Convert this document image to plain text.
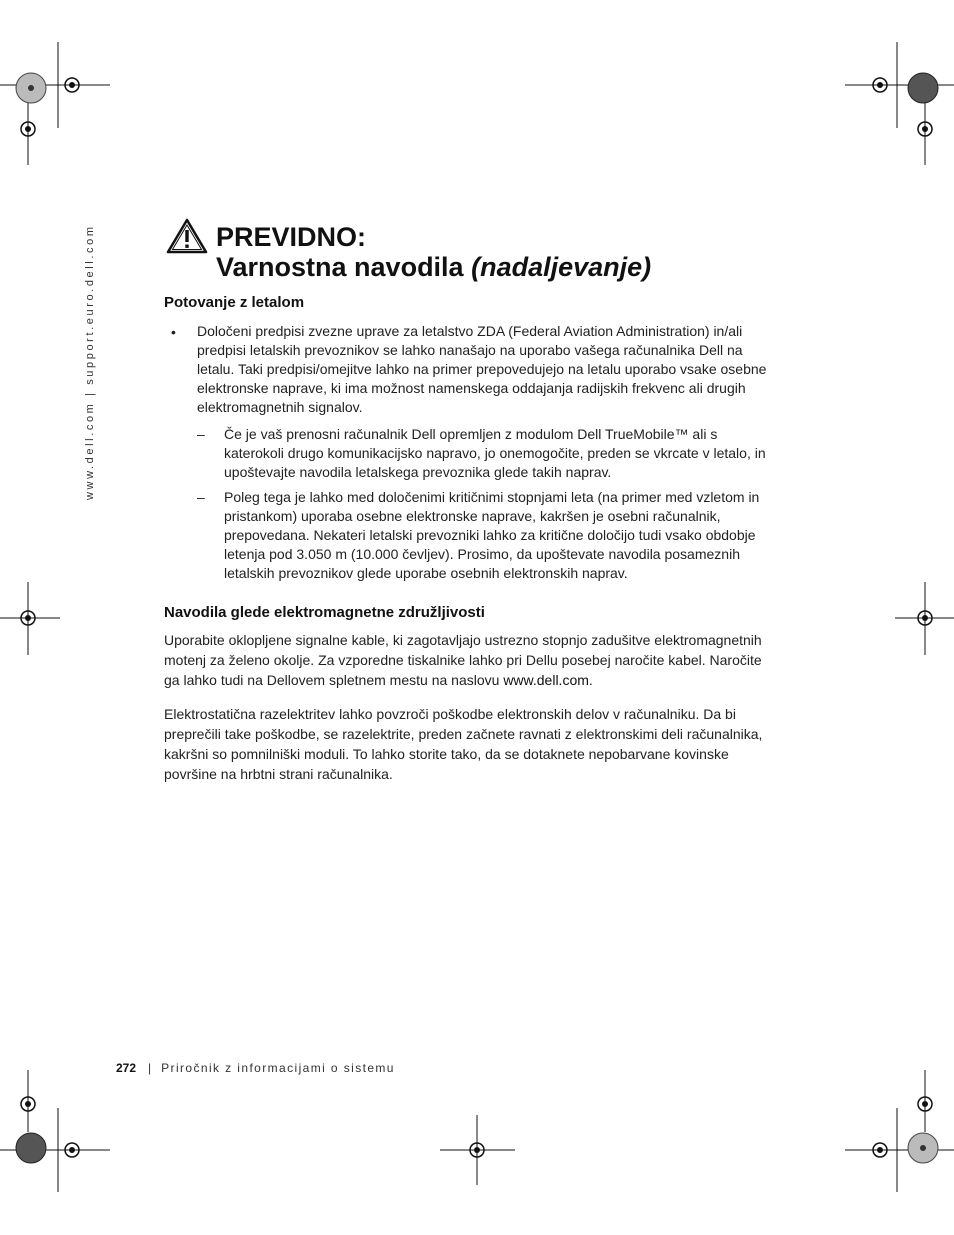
www.dell.com | support.euro.dell.com	PREVIDNO:
Varnostna navodila (nadaljevanje)
Potovanje z letalom
• Določeni predpisi zvezne uprave za letalstvo ZDA (Federal Aviation Administration) in/ali predpisi letalskih prevoznikov se lahko nanašajo na uporabo vašega računalnika Dell na letalu. Taki predpisi/omejitve lahko na primer prepovedujejo na letalu uporabo vsake osebne elektronske naprave, ki ima možnost namenskega oddajanja radijskih frekvenc ali drugih elektromagnetnih signalov.
– Če je vaš prenosni računalnik Dell opremljen z modulom Dell TrueMobile™ ali s katerokoli drugo komunikacijsko napravo, jo onemogočite, preden se vkrcate v letalo, in upoštevajte navodila letalskega prevoznika glede takih naprav.
– Poleg tega je lahko med določenimi kritičnimi stopnjami leta (na primer med vzletom in pristankom) uporaba osebne elektronske naprave, kakršen je osebni računalnik, prepovedana. Nekateri letalski prevozniki lahko za kritične določijo tudi vsako obdobje letenja pod 3.050 m (10.000 čevljev). Prosimo, da upoštevate navodila posameznih letalskih prevoznikov glede uporabe osebnih elektronskih naprav.
Navodila glede elektromagnetne združljivosti
Uporabite oklopljene signalne kable, ki zagotavljajo ustrezno stopnjo zadušitve elektromagnetnih motenj za želeno okolje. Za vzporedne tiskalnike lahko pri Dellu posebej naročite kabel. Naročite ga lahko tudi na Dellovem spletnem mestu na naslovu www.dell.com.
Elektrostatična razelektritev lahko povzroči poškodbe elektronskih delov v računalniku. Da bi preprečili take poškodbe, se razelektrite, preden začnete ravnati z elektronskimi deli računalnika, kakršni so pomnilniški moduli. To lahko storite tako, da se dotaknete nepobarvane kovinske površine na hrbtni strani računalnika.
272 | Priročnik z informacijami o sistemu
